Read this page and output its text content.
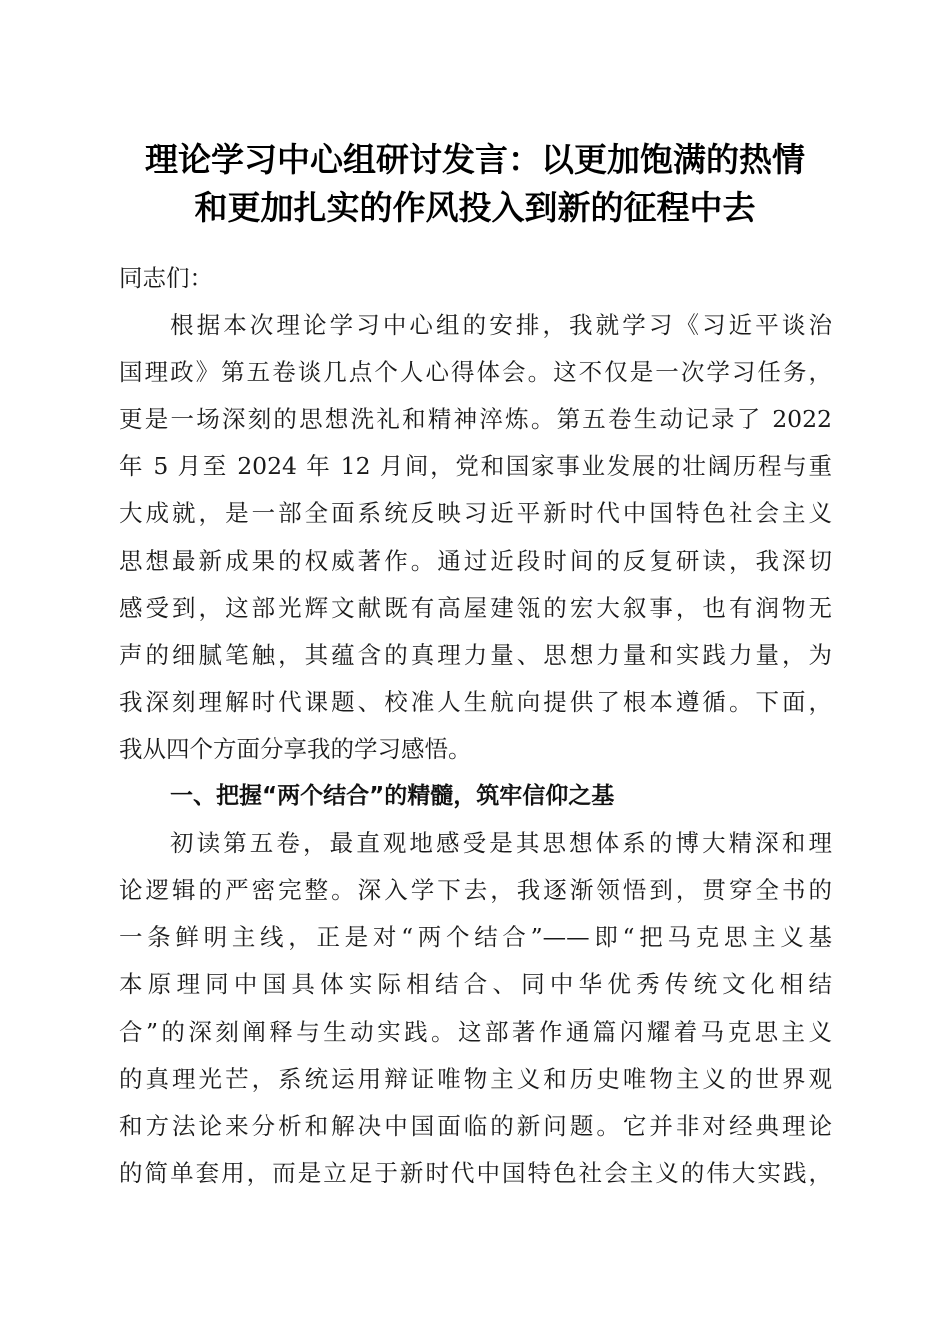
理论学习中心组研讨发言：以更加饱满的热情
和更加扎实的作风投入到新的征程中去
同志们：
根据本次理论学习中心组的安排，我就学习《习近平谈治
国理政》第五卷谈几点个人心得体会。这不仅是一次学习任务，
更是一场深刻的思想洗礼和精神淬炼。第五卷生动记录了 2022
年 5 月至 2024 年 12 月间，党和国家事业发展的壮阔历程与重
大成就，是一部全面系统反映习近平新时代中国特色社会主义
思想最新成果的权威著作。通过近段时间的反复研读，我深切
感受到，这部光辉文献既有高屋建瓴的宏大叙事，也有润物无
声的细腻笔触，其蕴含的真理力量、思想力量和实践力量，为
我深刻理解时代课题、校准人生航向提供了根本遵循。下面，
我从四个方面分享我的学习感悟。
一、把握“两个结合”的精髓，筑牢信仰之基
初读第五卷，最直观地感受是其思想体系的博大精深和理
论逻辑的严密完整。深入学下去，我逐渐领悟到，贯穿全书的
一条鲜明主线，正是对“两个结合”——即“把马克思主义基
本原理同中国具体实际相结合、同中华优秀传统文化相结
合”的深刻阐释与生动实践。这部著作通篇闪耀着马克思主义
的真理光芒，系统运用辩证唯物主义和历史唯物主义的世界观
和方法论来分析和解决中国面临的新问题。它并非对经典理论
的简单套用，而是立足于新时代中国特色社会主义的伟大实践，
